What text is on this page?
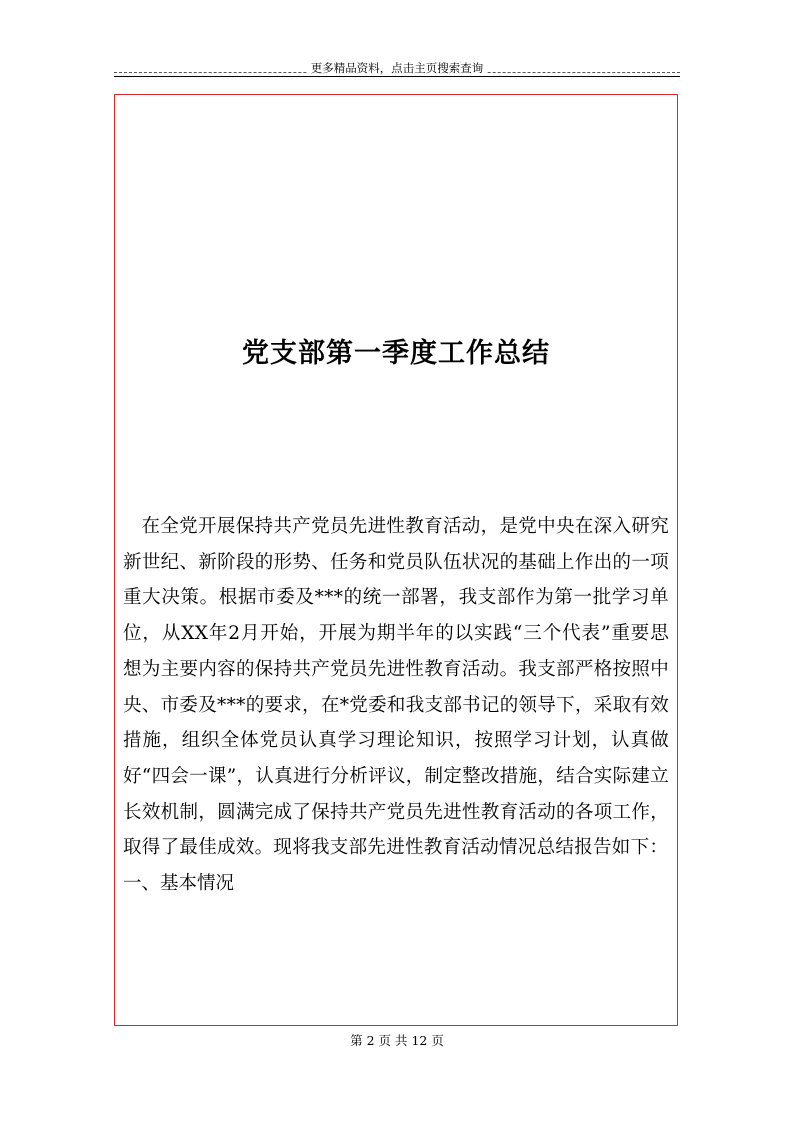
更多精品资料，点击主页搜索查询
党支部第一季度工作总结

在全党开展保持共产党员先进性教育活动，是党中央在深入研究新世纪、新阶段的形势、任务和党员队伍状况的基础上作出的一项重大决策。根据市委及***的统一部署，我支部作为第一批学习单位，从XX年2月开始，开展为期半年的以实践“三个代表”重要思想为主要内容的保持共产党员先进性教育活动。我支部严格按照中央、市委及***的要求，在*党委和我支部书记的领导下，采取有效措施，组织全体党员认真学习理论知识，按照学习计划，认真做好“四会一课”，认真进行分析评议，制定整改措施，结合实际建立长效机制，圆满完成了保持共产党员先进性教育活动的各项工作，取得了最佳成效。现将我支部先进性教育活动情况总结报告如下：

一、基本情况

第 2 页 共 12 页
